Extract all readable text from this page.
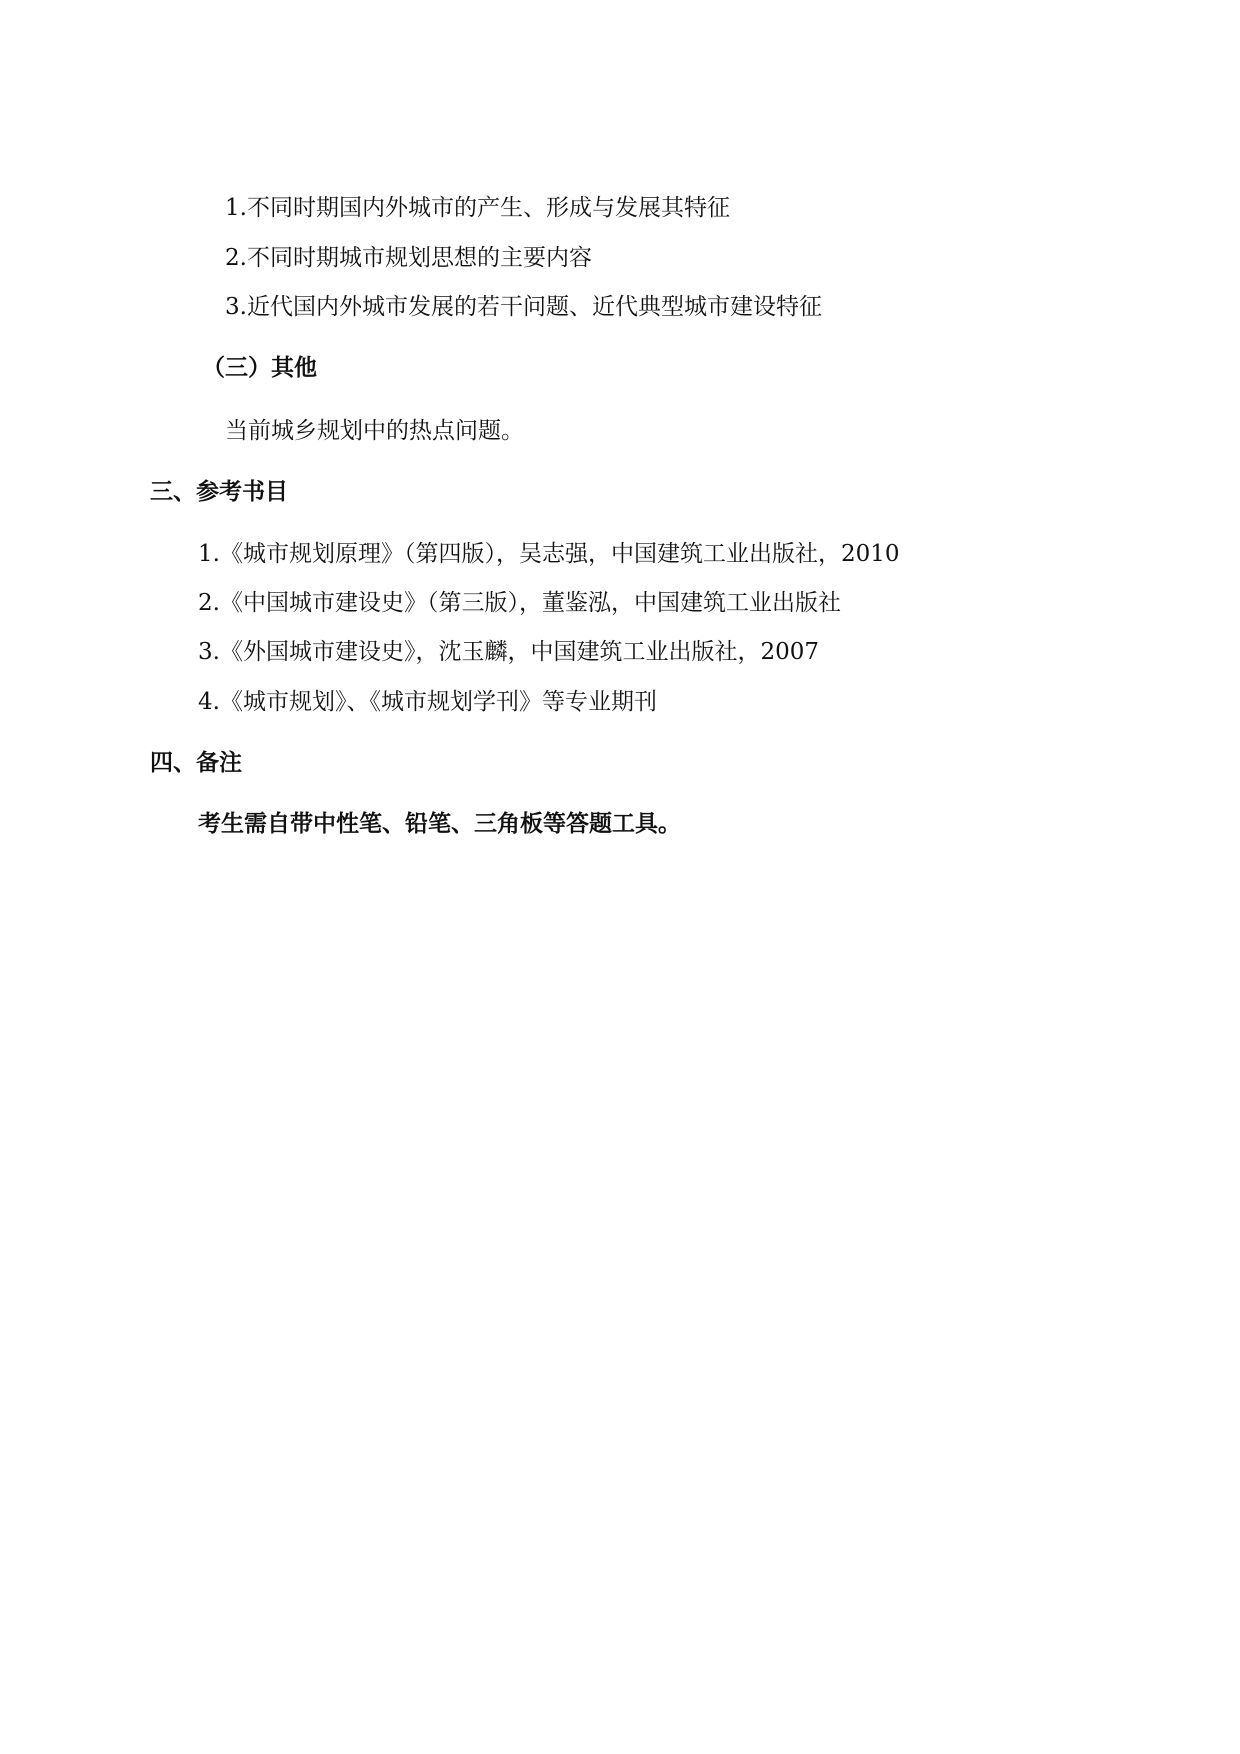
1.不同时期国内外城市的产生、形成与发展其特征
2.不同时期城市规划思想的主要内容
3.近代国内外城市发展的若干问题、近代典型城市建设特征
（三）其他
当前城乡规划中的热点问题。
三、参考书目
1.《城市规划原理》（第四版），吴志强，中国建筑工业出版社，2010
2.《中国城市建设史》（第三版），董鉴泓，中国建筑工业出版社
3.《外国城市建设史》，沈玉麟，中国建筑工业出版社，2007
4.《城市规划》、《城市规划学刊》等专业期刊
四、备注
考生需自带中性笔、铅笔、三角板等答题工具。
